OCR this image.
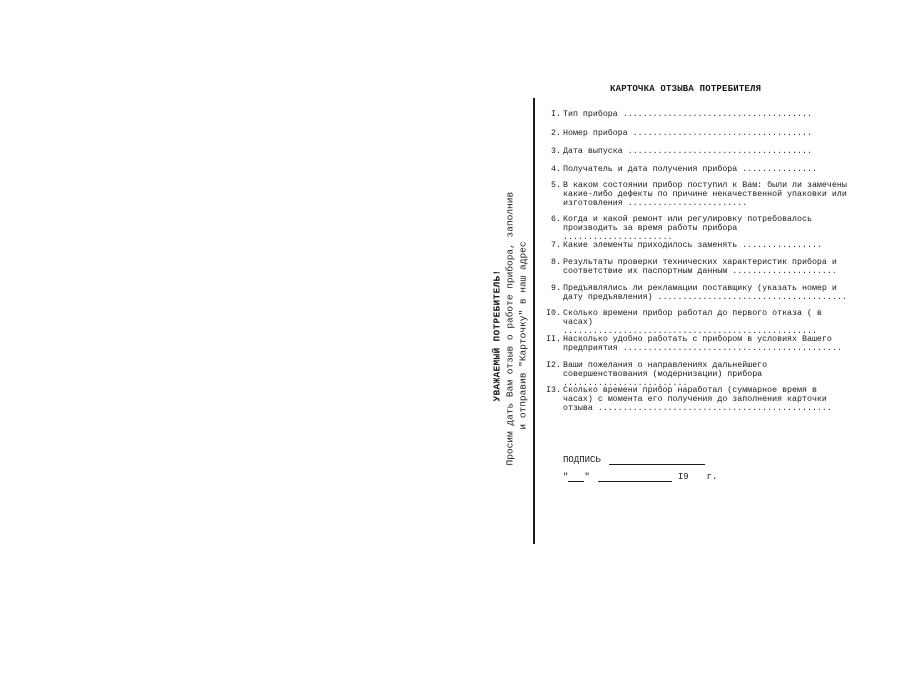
КАРТОЧКА ОТЗЫВА ПОТРЕБИТЕЛЯ
УВАЖАЕМЫЙ ПОТРЕБИТЕЛЬ! Просим дать Вам отзыв о работе прибора, заполнив и отправив "Карточку" в наш адрес
I. Тип прибора ......................................
2. Номер прибора ....................................
3. Дата выпуска .....................................
4. Получатель и дата получения прибора ...............
5. В каком состоянии прибор поступил к Вам: были ли замечены какие-либо дефекты по причине некачественной упаковки или изготовления ........................
6. Когда и какой ремонт или регулировку потребовалось производить за время работы прибора ......................
7. Какие элементы приходилось заменять ................
8. Результаты проверки технических характеристик прибора и соответствие их паспортным данным .....................
9. Предъявлялись ли рекламации поставщику (указать номер и дату предъявления) ......................................
I0. Сколько времени прибор работал до первого отказа ( в часах) ...................................................
II. Насколько удобно работать с прибором в условиях Вашего предприятия ............................................
I2. Ваши пожелания о направлениях дальнейшего совершенствования (модернизации) прибора .........................
I3. Сколько времени прибор наработал (суммарное время в часах) с момента его получения до заполнения карточки отзыва ...............................................
ПОДПИСЬ
" "	I9 г.
